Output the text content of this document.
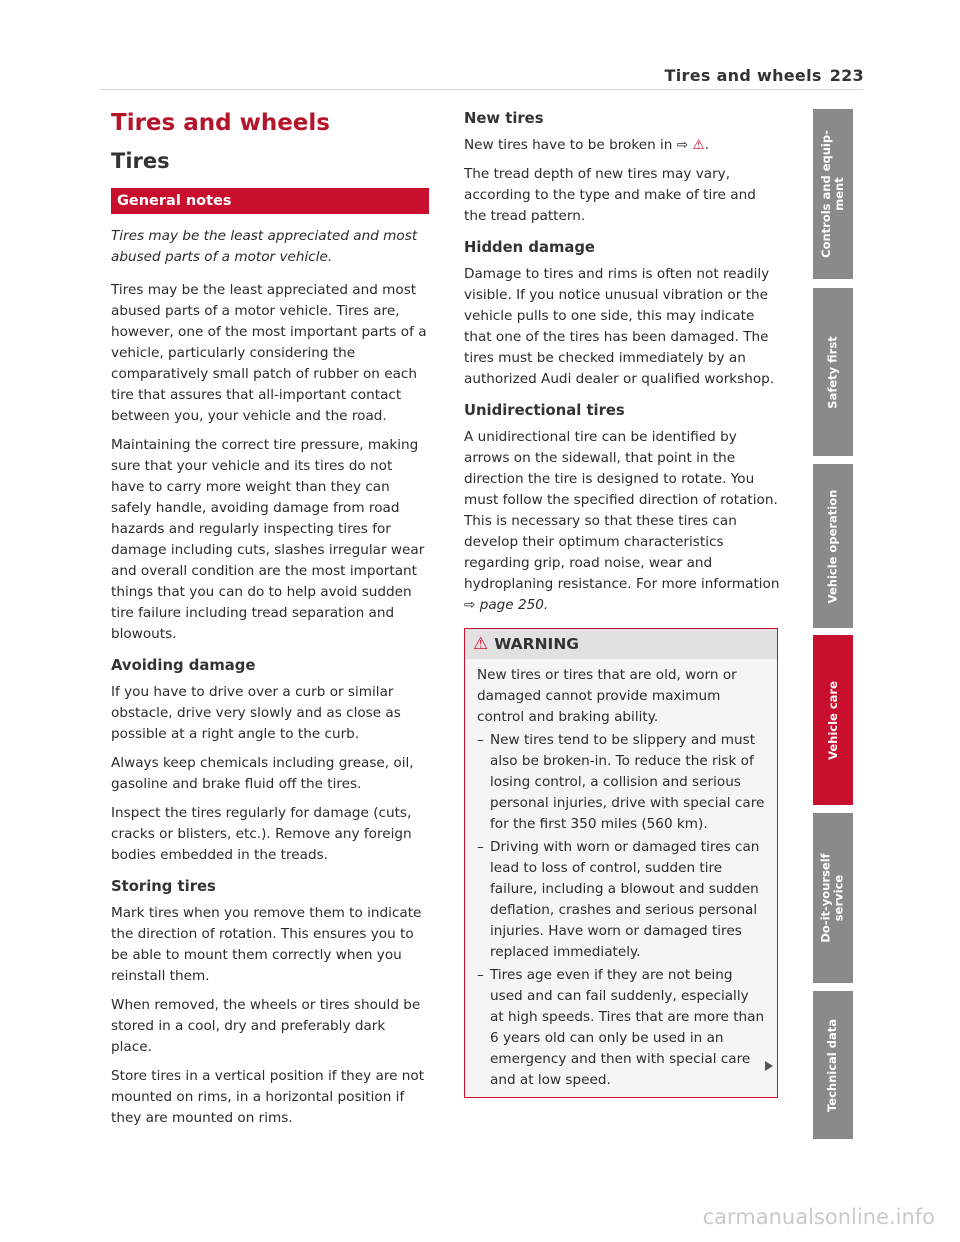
Tires and wheels 223
Tires and wheels
Tires
General notes

Tires may be the least appreciated and most abused parts of a motor vehicle.

Tires may be the least appreciated and most abused parts of a motor vehicle. Tires are, however, one of the most important parts of a vehicle, particularly considering the comparatively small patch of rubber on each tire that assures that all-important contact between you, your vehicle and the road.

Maintaining the correct tire pressure, making sure that your vehicle and its tires do not have to carry more weight than they can safely handle, avoiding damage from road hazards and regularly inspecting tires for damage including cuts, slashes irregular wear and overall condition are the most important things that you can do to help avoid sudden tire failure including tread separation and blowouts.

Avoiding damage

If you have to drive over a curb or similar obstacle, drive very slowly and as close as possible at a right angle to the curb.

Always keep chemicals including grease, oil, gasoline and brake fluid off the tires.

Inspect the tires regularly for damage (cuts, cracks or blisters, etc.). Remove any foreign bodies embedded in the treads.

Storing tires

Mark tires when you remove them to indicate the direction of rotation. This ensures you to be able to mount them correctly when you reinstall them.

When removed, the wheels or tires should be stored in a cool, dry and preferably dark place.

Store tires in a vertical position if they are not mounted on rims, in a horizontal position if they are mounted on rims.

New tires

New tires have to be broken in ⇨ ⚠.

The tread depth of new tires may vary, according to the type and make of tire and the tread pattern.

Hidden damage

Damage to tires and rims is often not readily visible. If you notice unusual vibration or the vehicle pulls to one side, this may indicate that one of the tires has been damaged. The tires must be checked immediately by an authorized Audi dealer or qualified workshop.

Unidirectional tires

A unidirectional tire can be identified by arrows on the sidewall, that point in the direction the tire is designed to rotate. You must follow the specified direction of rotation. This is necessary so that these tires can develop their optimum characteristics regarding grip, road noise, wear and hydroplaning resistance. For more information ⇨ page 250.

⚠ WARNING

New tires or tires that are old, worn or damaged cannot provide maximum control and braking ability.

– New tires tend to be slippery and must also be broken-in. To reduce the risk of losing control, a collision and serious personal injuries, drive with special care for the first 350 miles (560 km).
– Driving with worn or damaged tires can lead to loss of control, sudden tire failure, including a blowout and sudden deflation, crashes and serious personal injuries. Have worn or damaged tires replaced immediately.
– Tires age even if they are not being used and can fail suddenly, especially at high speeds. Tires that are more than 6 years old can only be used in an emergency and then with special care and at low speed.
Controls and equip-
ment
Safety first
Vehicle operation
Vehicle care
Do-it-yourself
service
Technical data
carmanualsonline.info
